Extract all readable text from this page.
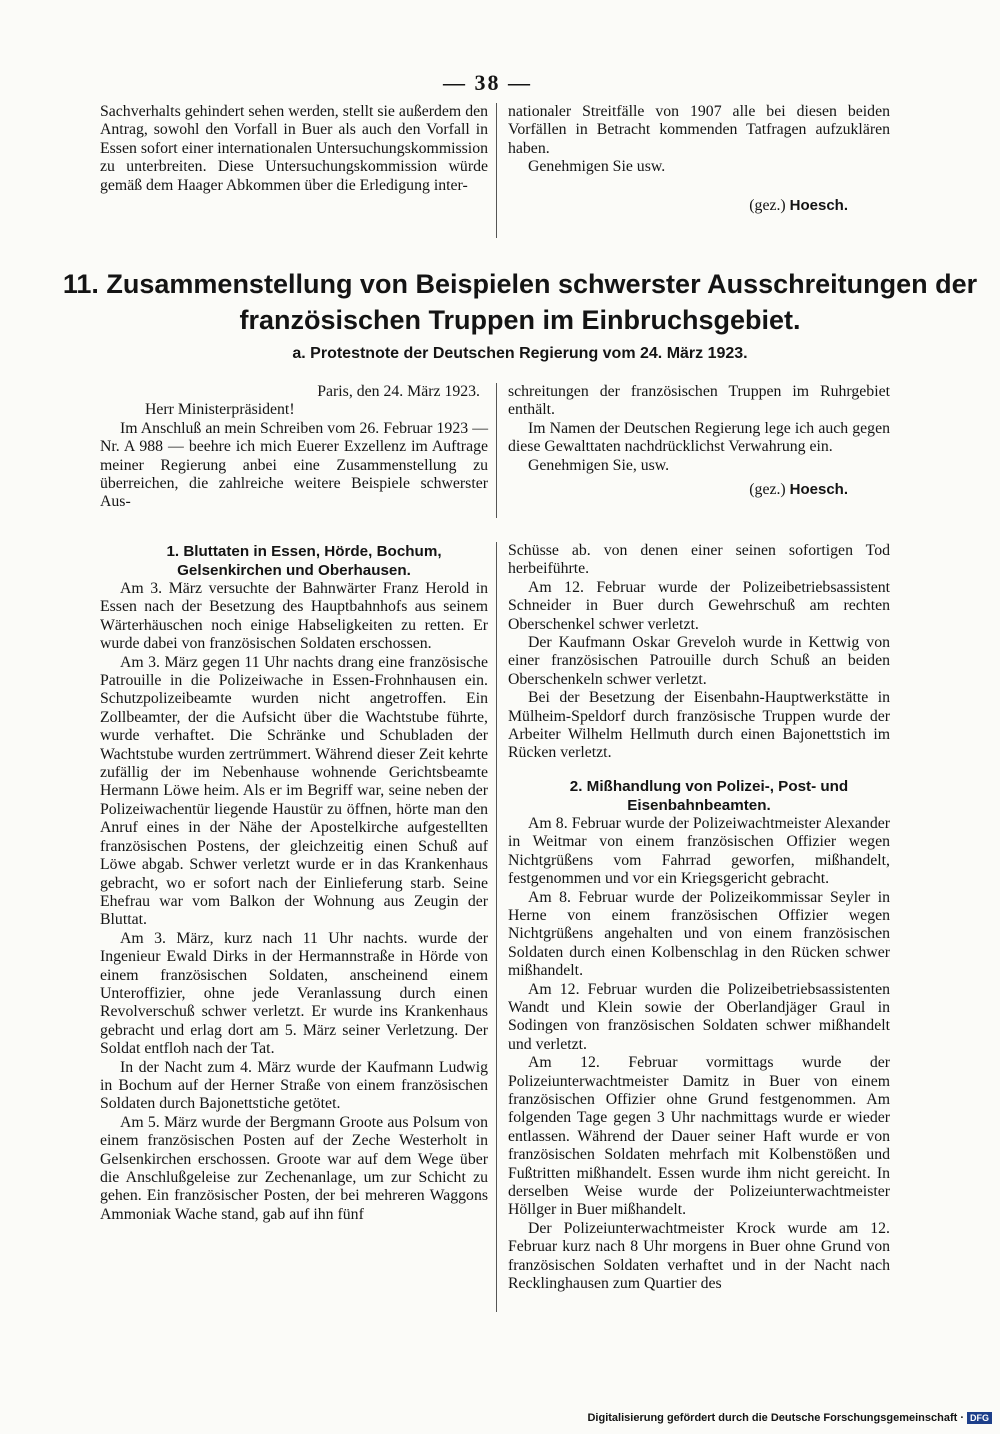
— 38 —

Sachverhalts gehindert sehen werden, stellt sie außerdem den Antrag, sowohl den Vorfall in Buer als auch den Vorfall in Essen sofort einer internationalen Untersuchungskommission zu unterbreiten. Diese Untersuchungskommission würde gemäß dem Haager Abkommen über die Erledigung inter-

nationaler Streitfälle von 1907 alle bei diesen beiden Vorfällen in Betracht kommenden Tatfragen aufzuklären haben.

Genehmigen Sie usw.

(gez.) Hoesch.

11. Zusammenstellung von Beispielen schwerster Ausschreitungen der
französischen Truppen im Einbruchsgebiet.
a. Protestnote der Deutschen Regierung vom 24. März 1923.

Paris, den 24. März 1923.

Herr Ministerpräsident!

Im Anschluß an mein Schreiben vom 26. Februar 1923 — Nr. A 988 — beehre ich mich Euerer Exzellenz im Auftrage meiner Regierung anbei eine Zusammenstellung zu überreichen, die zahlreiche weitere Beispiele schwerster Aus-

schreitungen der französischen Truppen im Ruhrgebiet enthält.

Im Namen der Deutschen Regierung lege ich auch gegen diese Gewalttaten nachdrücklichst Verwahrung ein.

Genehmigen Sie, usw.

(gez.) Hoesch.

1. Bluttaten in Essen, Hörde, Bochum, Gelsenkirchen und Oberhausen.

Am 3. März versuchte der Bahnwärter Franz Herold in Essen nach der Besetzung des Hauptbahnhofs aus seinem Wärterhäuschen noch einige Habseligkeiten zu retten. Er wurde dabei von französischen Soldaten erschossen.

Am 3. März gegen 11 Uhr nachts drang eine französische Patrouille in die Polizeiwache in Essen-Frohnhausen ein. Schutzpolizeibeamte wurden nicht angetroffen. Ein Zollbeamter, der die Aufsicht über die Wachtstube führte, wurde verhaftet. Die Schränke und Schubladen der Wachtstube wurden zertrümmert. Während dieser Zeit kehrte zufällig der im Nebenhause wohnende Gerichtsbeamte Hermann Löwe heim. Als er im Begriff war, seine neben der Polizeiwachentür liegende Haustür zu öffnen, hörte man den Anruf eines in der Nähe der Apostelkirche aufgestellten französischen Postens, der gleichzeitig einen Schuß auf Löwe abgab. Schwer verletzt wurde er in das Krankenhaus gebracht, wo er sofort nach der Einlieferung starb. Seine Ehefrau war vom Balkon der Wohnung aus Zeugin der Bluttat.

Am 3. März, kurz nach 11 Uhr nachts. wurde der Ingenieur Ewald Dirks in der Hermannstraße in Hörde von einem französischen Soldaten, anscheinend einem Unteroffizier, ohne jede Veranlassung durch einen Revolverschuß schwer verletzt. Er wurde ins Krankenhaus gebracht und erlag dort am 5. März seiner Verletzung. Der Soldat entfloh nach der Tat.

In der Nacht zum 4. März wurde der Kaufmann Ludwig in Bochum auf der Herner Straße von einem französischen Soldaten durch Bajonettstiche getötet.

Am 5. März wurde der Bergmann Groote aus Polsum von einem französischen Posten auf der Zeche Westerholt in Gelsenkirchen erschossen. Groote war auf dem Wege über die Anschlußgeleise zur Zechenanlage, um zur Schicht zu gehen. Ein französischer Posten, der bei mehreren Waggons Ammoniak Wache stand, gab auf ihn fünf

Schüsse ab. von denen einer seinen sofortigen Tod herbeiführte.

Am 12. Februar wurde der Polizeibetriebsassistent Schneider in Buer durch Gewehrschuß am rechten Oberschenkel schwer verletzt.

Der Kaufmann Oskar Greveloh wurde in Kettwig von einer französischen Patrouille durch Schuß an beiden Oberschenkeln schwer verletzt.

Bei der Besetzung der Eisenbahn-Hauptwerkstätte in Mülheim-Speldorf durch französische Truppen wurde der Arbeiter Wilhelm Hellmuth durch einen Bajonettstich im Rücken verletzt.

2. Mißhandlung von Polizei-, Post- und Eisenbahnbeamten.

Am 8. Februar wurde der Polizeiwachtmeister Alexander in Weitmar von einem französischen Offizier wegen Nichtgrüßens vom Fahrrad geworfen, mißhandelt, festgenommen und vor ein Kriegsgericht gebracht.

Am 8. Februar wurde der Polizeikommissar Seyler in Herne von einem französischen Offizier wegen Nichtgrüßens angehalten und von einem französischen Soldaten durch einen Kolbenschlag in den Rücken schwer mißhandelt.

Am 12. Februar wurden die Polizeibetriebsassistenten Wandt und Klein sowie der Oberlandjäger Graul in Sodingen von französischen Soldaten schwer mißhandelt und verletzt.

Am 12. Februar vormittags wurde der Polizeiunterwachtmeister Damitz in Buer von einem französischen Offizier ohne Grund festgenommen. Am folgenden Tage gegen 3 Uhr nachmittags wurde er wieder entlassen. Während der Dauer seiner Haft wurde er von französischen Soldaten mehrfach mit Kolbenstößen und Fußtritten mißhandelt. Essen wurde ihm nicht gereicht. In derselben Weise wurde der Polizeiunterwachtmeister Höllger in Buer mißhandelt.

Der Polizeiunterwachtmeister Krock wurde am 12. Februar kurz nach 8 Uhr morgens in Buer ohne Grund von französischen Soldaten verhaftet und in der Nacht nach Recklinghausen zum Quartier des

Digitalisierung gefördert durch die Deutsche Forschungsgemeinschaft · DFG
